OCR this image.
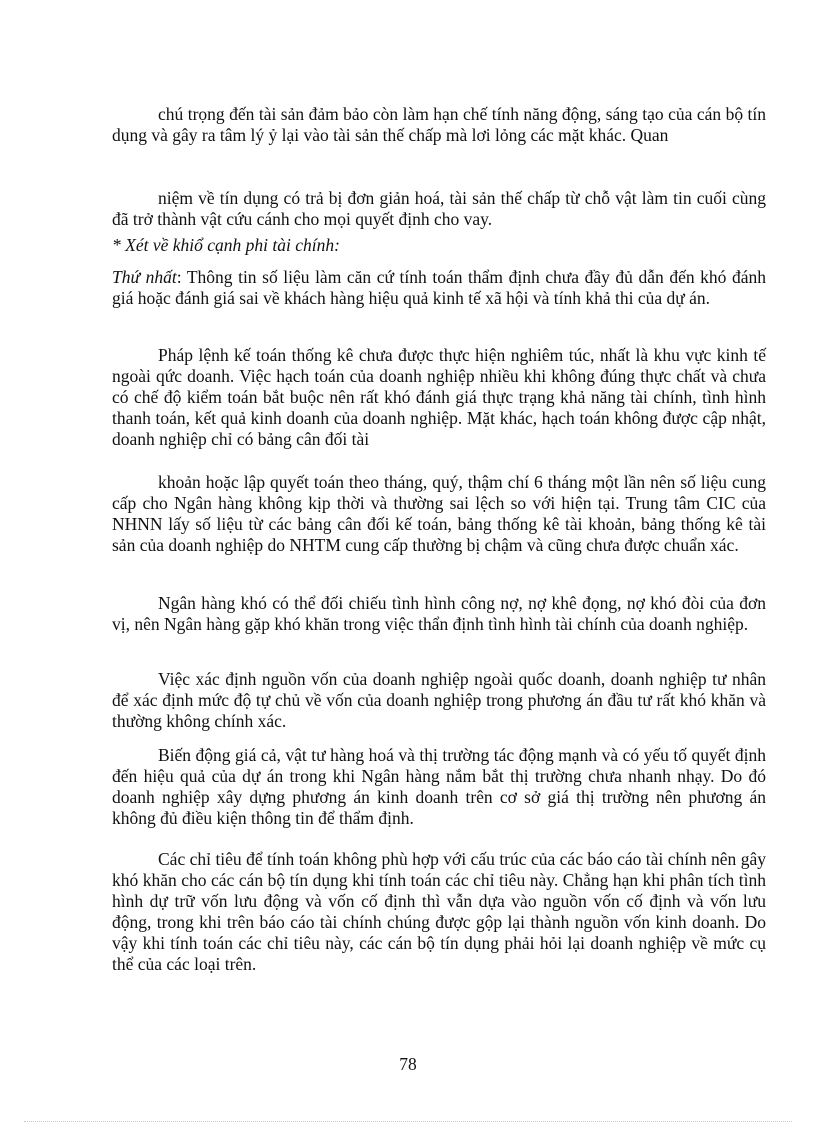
chú trọng đến tài sản đảm bảo còn làm hạn chế tính năng động, sáng tạo của cán bộ tín dụng và gây ra tâm lý ỷ lại vào tài sản thế chấp mà lơi lỏng các mặt khác. Quan

niệm về tín dụng có trả bị đơn giản hoá, tài sản thế chấp từ chỗ vật làm tin cuối cùng đã trở thành vật cứu cánh cho mọi quyết định cho vay.

* Xét về khiổ cạnh phi tài chính:

Thứ nhất: Thông tin số liệu làm căn cứ tính toán thẩm định chưa đầy đủ dẫn đến khó đánh giá hoặc đánh giá sai về khách hàng hiệu quả kinh tế xã hội và tính khả thi của dự án.

Pháp lệnh kế toán thống kê chưa được thực hiện nghiêm túc, nhất là khu vực kinh tế ngoài qức doanh. Việc hạch toán của doanh nghiệp nhiều khi không đúng thực chất và chưa có chế độ kiểm toán bắt buộc nên rất khó đánh giá thực trạng khả năng tài chính, tình hình thanh toán, kết quả kinh doanh của doanh nghiệp. Mặt khác, hạch toán không được cập nhật, doanh nghiệp chỉ có bảng cân đối tài

khoản hoặc lập quyết toán theo tháng, quý, thậm chí 6 tháng một lần nên số liệu cung cấp cho Ngân hàng không kịp thời và thường sai lệch so với hiện tại. Trung tâm CIC của NHNN lấy số liệu từ các bảng cân đối kế toán, bảng thống kê tài khoản, bảng thống kê tài sản của doanh nghiệp do NHTM cung cấp thường bị chậm và cũng chưa được chuẩn xác.

Ngân hàng khó có thể đối chiếu tình hình công nợ, nợ khê đọng, nợ khó đòi của đơn vị, nên Ngân hàng gặp khó khăn trong việc thẩn định tình hình tài chính của doanh nghiệp.

Việc xác định nguồn vốn của doanh nghiệp ngoài quốc doanh, doanh nghiệp tư nhân để xác định mức độ tự chủ về vốn của doanh nghiệp trong phương án đầu tư rất khó khăn và thường không chính xác.

Biến động giá cả, vật tư hàng hoá và thị trường tác động mạnh và có yếu tố quyết định đến hiệu quả của dự án trong khi Ngân hàng nắm bắt thị trường chưa nhanh nhạy. Do đó doanh nghiệp xây dựng phương án kinh doanh trên cơ sở giá thị trường nên phương án không đủ điều kiện thông tin để thẩm định.

Các chỉ tiêu để tính toán không phù hợp với cấu trúc của các báo cáo tài chính nên gây khó khăn cho các cán bộ tín dụng khi tính toán các chỉ tiêu này. Chẳng hạn khi phân tích tình hình dự trữ vốn lưu động và vốn cố định thì vẫn dựa vào nguồn vốn cố định và vốn lưu động, trong khi trên báo cáo tài chính chúng được gộp lại thành nguồn vốn kinh doanh. Do vậy khi tính toán các chỉ tiêu này, các cán bộ tín dụng phải hỏi lại doanh nghiệp về mức cụ thể của các loại trên.

78
